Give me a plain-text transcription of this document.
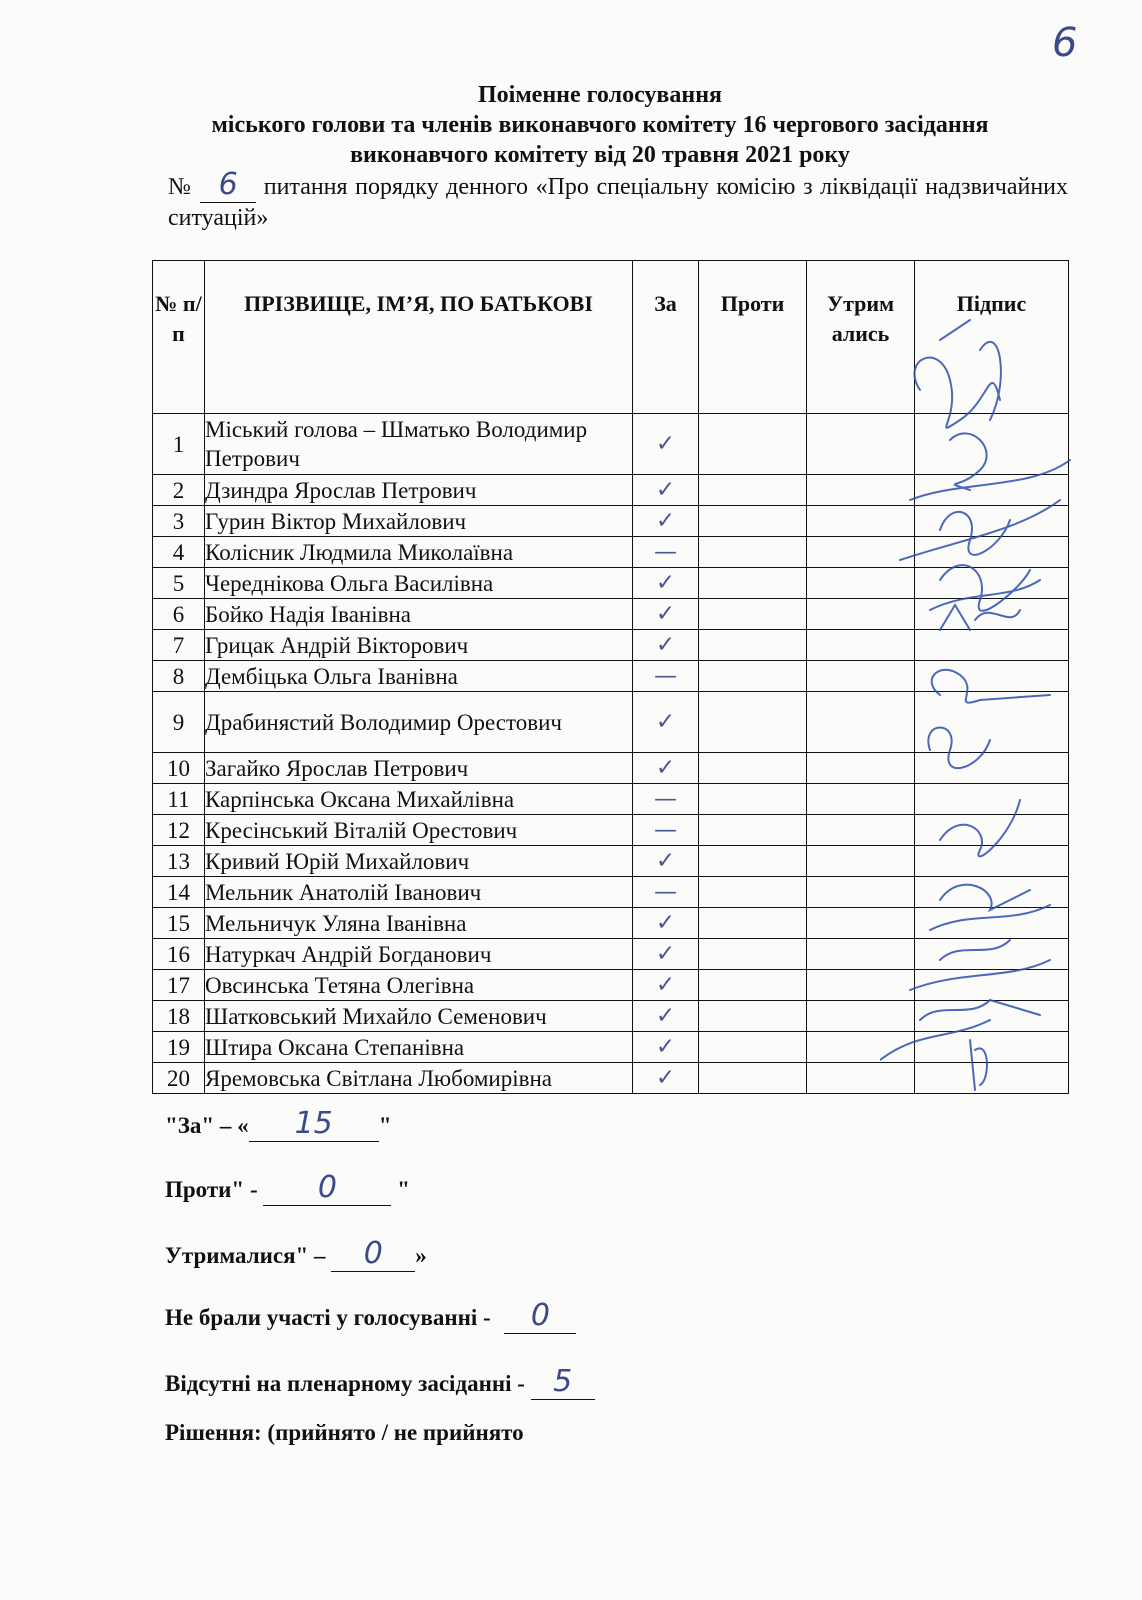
6
Поіменне голосування
міського голови та членів виконавчого комітету 16 чергового засідання
виконавчого комітету від 20 травня 2021 року
№ 6 питання порядку денного «Про спеціальну комісію з ліквідації надзвичайних ситуацій»
№ п/п	ПРІЗВИЩЕ, ІМ’Я, ПО БАТЬКОВІ	За	Проти	Утрим ались	Підпис
1	Міський голова – Шматько Володимир Петрович	✓			
2	Дзиндра Ярослав Петрович	✓			
3	Гурин Віктор Михайлович	✓			
4	Колісник Людмила Миколаївна	—			
5	Череднікова Ольга Василівна	✓			
6	Бойко Надія Іванівна	✓			
7	Грицак Андрій Вікторович	✓			
8	Дембіцька Ольга Іванівна	—			
9	Драбинястий Володимир Орестович	✓			
10	Загайко Ярослав Петрович	✓			
11	Карпінська Оксана Михайлівна	—			
12	Кресінський Віталій Орестович	—			
13	Кривий Юрій Михайлович	✓			
14	Мельник Анатолій Іванович	—			
15	Мельничук Уляна Іванівна	✓			
16	Натуркач Андрій Богданович	✓			
17	Овсинська Тетяна Олегівна	✓			
18	Шатковський Михайло Семенович	✓			
19	Штира Оксана Степанівна	✓			
20	Яремовська Світлана Любомирівна	✓			
"За" – « 15 "
Проти" - 0	"
Утрималися" – 0 »
Не брали участі у голосуванні - 0
Відсутні на пленарному засіданні - 5
Рішення: (прийнято / не прийнято
